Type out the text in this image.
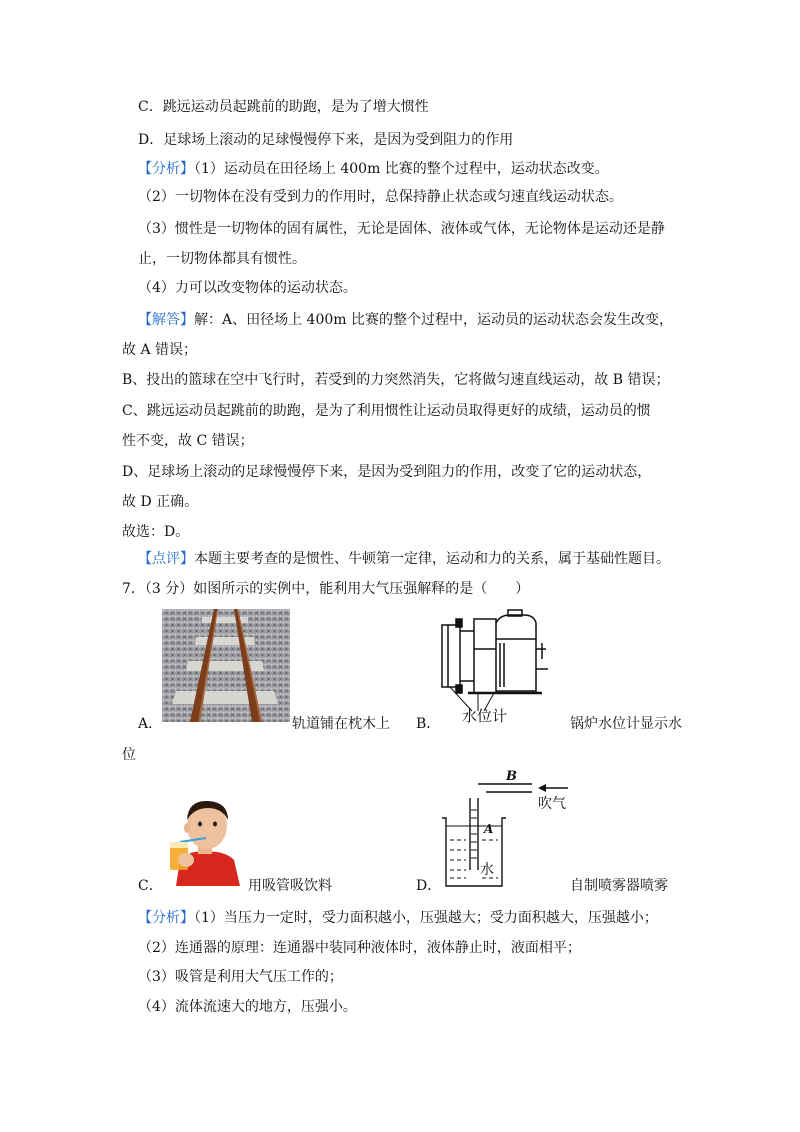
C．跳远运动员起跳前的助跑，是为了增大惯性
D．足球场上滚动的足球慢慢停下来，是因为受到阻力的作用
【分析】（1）运动员在田径场上 400m 比赛的整个过程中，运动状态改变。
（2）一切物体在没有受到力的作用时，总保持静止状态或匀速直线运动状态。
（3）惯性是一切物体的固有属性，无论是固体、液体或气体，无论物体是运动还是静
止，一切物体都具有惯性。
（4）力可以改变物体的运动状态。
【解答】解：A、田径场上 400m 比赛的整个过程中，运动员的运动状态会发生改变，
故 A 错误；
B、投出的篮球在空中飞行时，若受到的力突然消失，它将做匀速直线运动，故 B 错误；
C、跳远运动员起跳前的助跑，是为了利用惯性让运动员取得更好的成绩，运动员的惯
性不变，故 C 错误；
D、足球场上滚动的足球慢慢停下来，是因为受到阻力的作用，改变了它的运动状态，
故 D 正确。
故选：D。
【点评】本题主要考查的是惯性、牛顿第一定律，运动和力的关系，属于基础性题目。
7．（3 分）如图所示的实例中，能利用大气压强解释的是（　　）
A．	轨道铺在枕木上	水位计
B．	锅炉水位计显示水
位
C．	用吸管吸饮料
B
A
吹气
水
D．	自制喷雾器喷雾
【分析】（1）当压力一定时，受力面积越小，压强越大；受力面积越大，压强越小；
（2）连通器的原理：连通器中装同种液体时，液体静止时，液面相平；
（3）吸管是利用大气压工作的；
（4）流体流速大的地方，压强小。
